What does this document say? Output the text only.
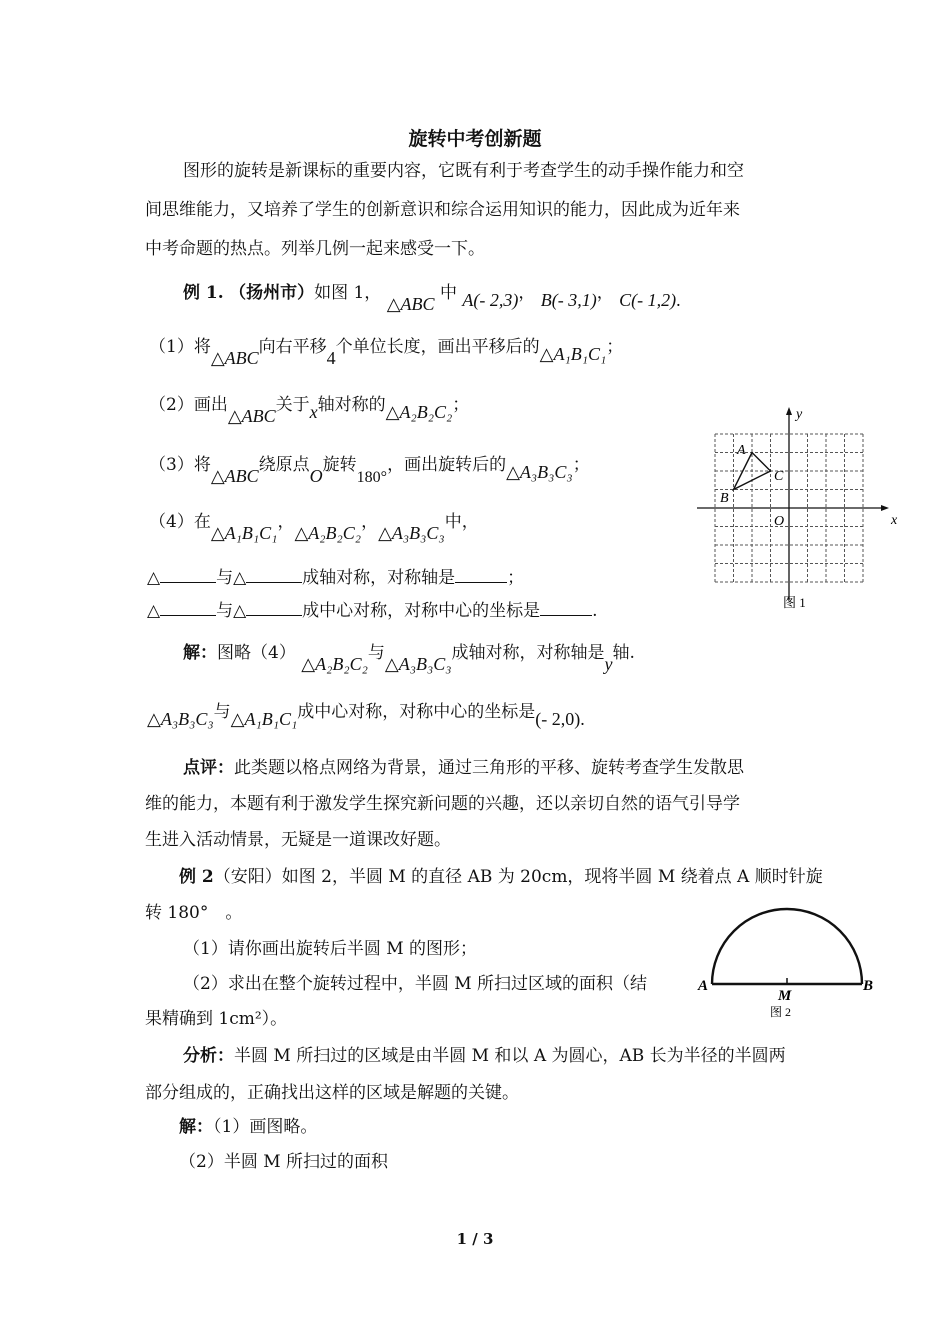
旋转中考创新题
图形的旋转是新课标的重要内容，它既有利于考查学生的动手操作能力和空
间思维能力，又培养了学生的创新意识和综合运用知识的能力，因此成为近年来
中考命题的热点。列举几例一起来感受一下。
例 1. （扬州市）如图 1， △ABC 中 A(- 2,3)， B(- 3,1)， C(- 1,2).
（1）将△ABC向右平移4个单位长度，画出平移后的△A₁B₁C₁；
（2）画出△ABC关于x轴对称的△A₂B₂C₂；
（3）将△ABC绕原点O旋转180°，画出旋转后的△A₃B₃C₃；
（4）在△A₁B₁C₁，△A₂B₂C₂，△A₃B₃C₃中，
△	与△	成轴对称，对称轴是	；
△	与△	成中心对称，对称中心的坐标是	.
解：图略（4） △A₂B₂C₂与△A₃B₃C₃成轴对称，对称轴是y轴.
△A₃B₃C₃与△A₁B₁C₁成中心对称，对称中心的坐标是(- 2,0).
点评：此类题以格点网络为背景，通过三角形的平移、旋转考查学生发散思
维的能力，本题有利于激发学生探究新问题的兴趣，还以亲切自然的语气引导学
生进入活动情景，无疑是一道课改好题。
例 2（安阳）如图 2，半圆 M 的直径 AB 为 20cm，现将半圆 M 绕着点 A 顺时针旋
转 180°　。
（1）请你画出旋转后半圆 M 的图形；
（2）求出在整个旋转过程中，半圆 M 所扫过区域的面积（结
果精确到 1cm²）。
分析：半圆 M 所扫过的区域是由半圆 M 和以 A 为圆心，AB 长为半径的半圆两
部分组成的，正确找出这样的区域是解题的关键。
解：（1）画图略。
（2）半圆 M 所扫过的面积
x
y
O
A
B
C
图 1
A
M
B
图 2
1 / 3
